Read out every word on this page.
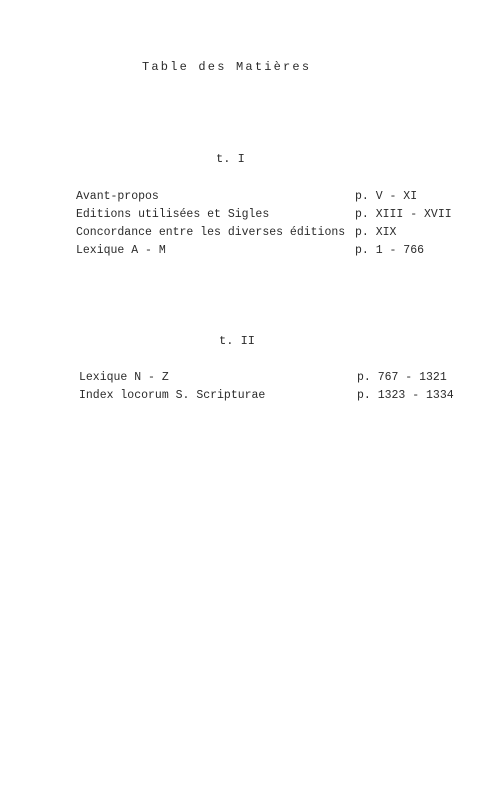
Table des Matières
t. I
Avant-propos	p. V - XI
Editions utilisées et Sigles	p. XIII - XVII
Concordance entre les diverses éditions p. XIX
Lexique A - M	p. 1 - 766
t. II
Lexique N - Z	p. 767 - 1321
Index locorum S. Scripturae	p. 1323 - 1334
